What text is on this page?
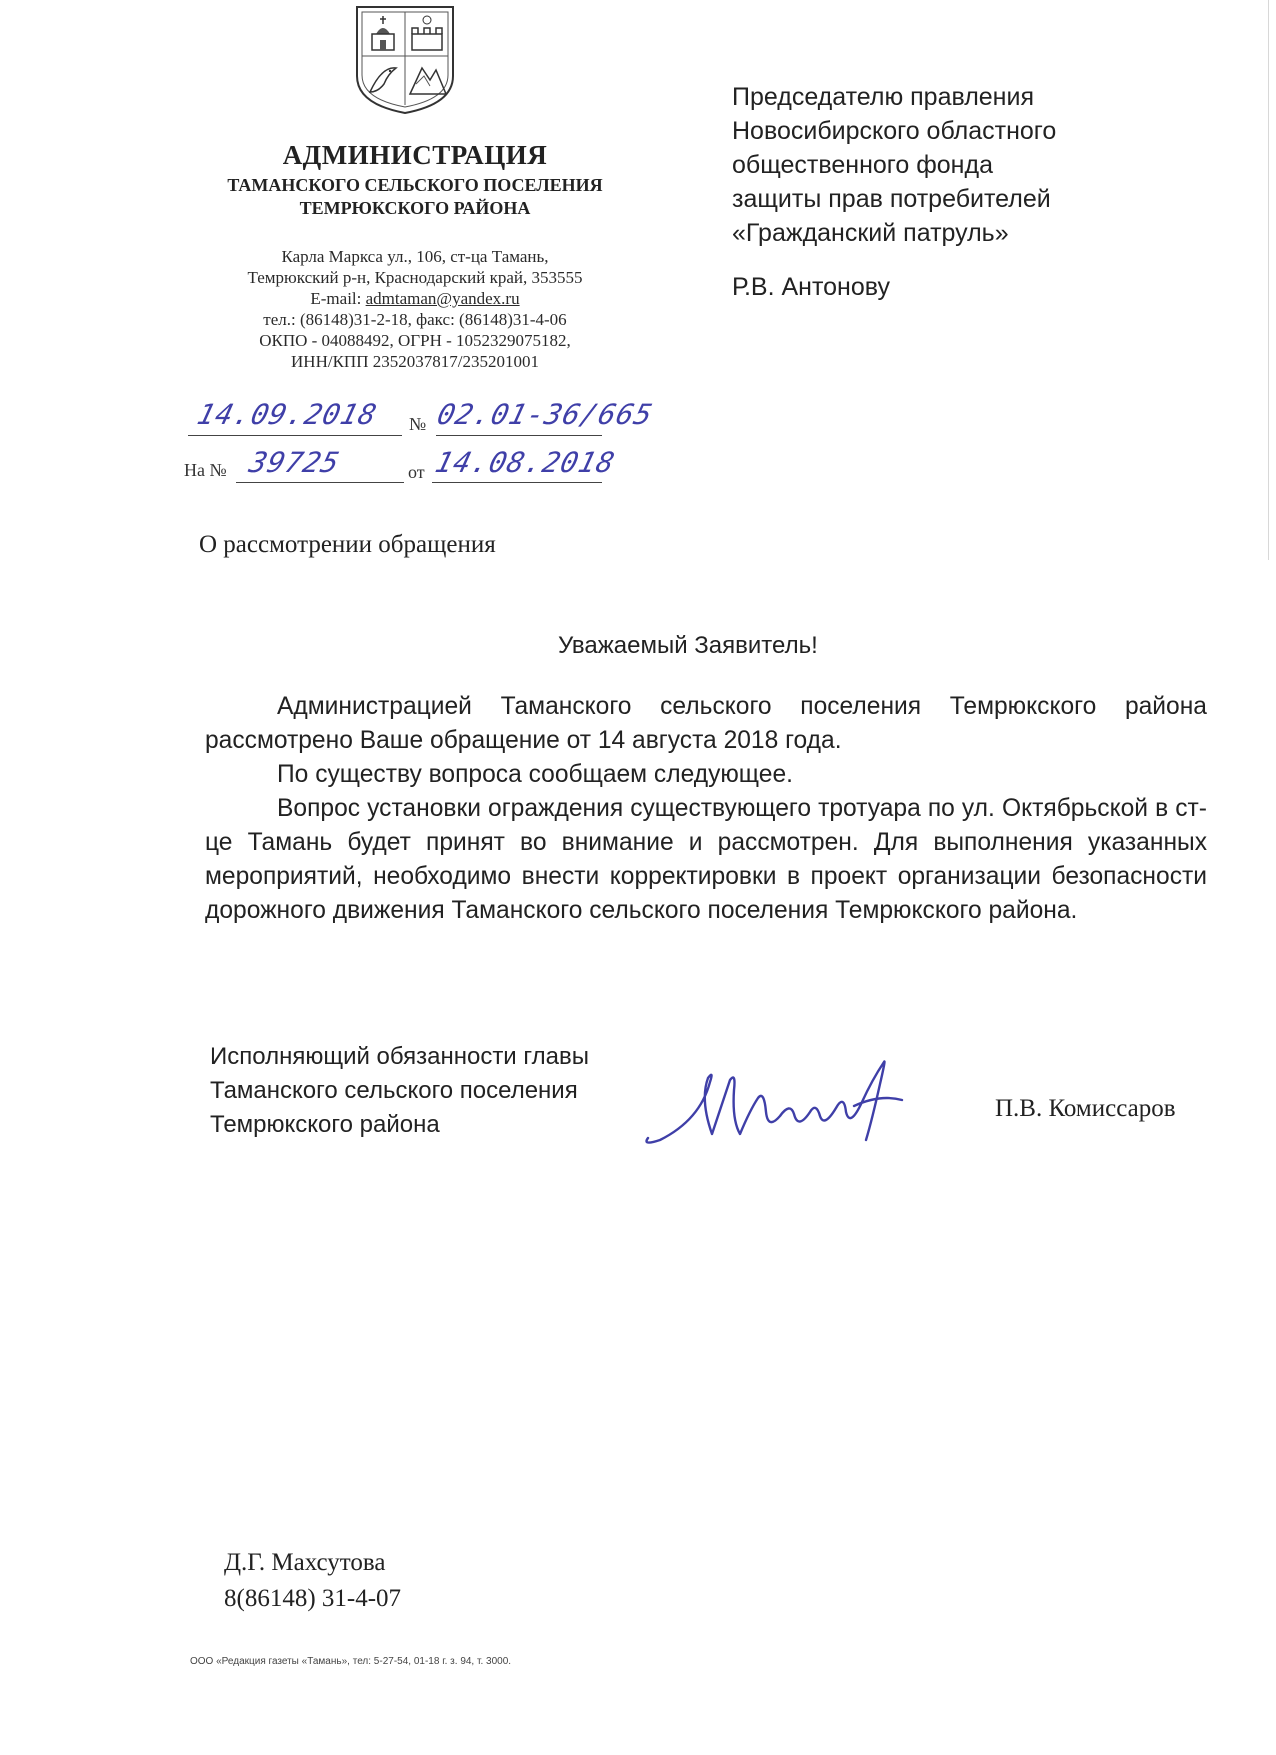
АДМИНИСТРАЦИЯ
ТАМАНСКОГО СЕЛЬСКОГО ПОСЕЛЕНИЯ
ТЕМРЮКСКОГО РАЙОНА
Карла Маркса ул., 106, ст-ца Тамань,
Темрюкский р-н, Краснодарский край, 353555
E-mail: admtaman@yandex.ru
тел.: (86148)31-2-18, факс: (86148)31-4-06
ОКПО - 04088492, ОГРН - 1052329075182,
ИНН/КПП 2352037817/235201001
14.09.2018 № 02.01-36/665
На № 39725	от 14.08.2018
Председателю правления
Новосибирского областного
общественного фонда
защиты прав потребителей
«Гражданский патруль»
Р.В. Антонову
О рассмотрении обращения
Уважаемый Заявитель!

Администрацией Таманского сельского поселения Темрюкского района рассмотрено Ваше обращение от 14 августа 2018 года.

По существу вопроса сообщаем следующее.

Вопрос установки ограждения существующего тротуара по ул. Октябрьской в ст-це Тамань будет принят во внимание и рассмотрен. Для выполнения указанных мероприятий, необходимо внести корректировки в проект организации безопасности дорожного движения Таманского сельского поселения Темрюкского района.

Исполняющий обязанности главы
Таманского сельского поселения
Темрюкского района
П.В. Комиссаров
Д.Г. Махсутова
8(86148) 31-4-07
ООО «Редакция газеты «Тамань», тел: 5-27-54, 01-18 г. з. 94, т. 3000.
